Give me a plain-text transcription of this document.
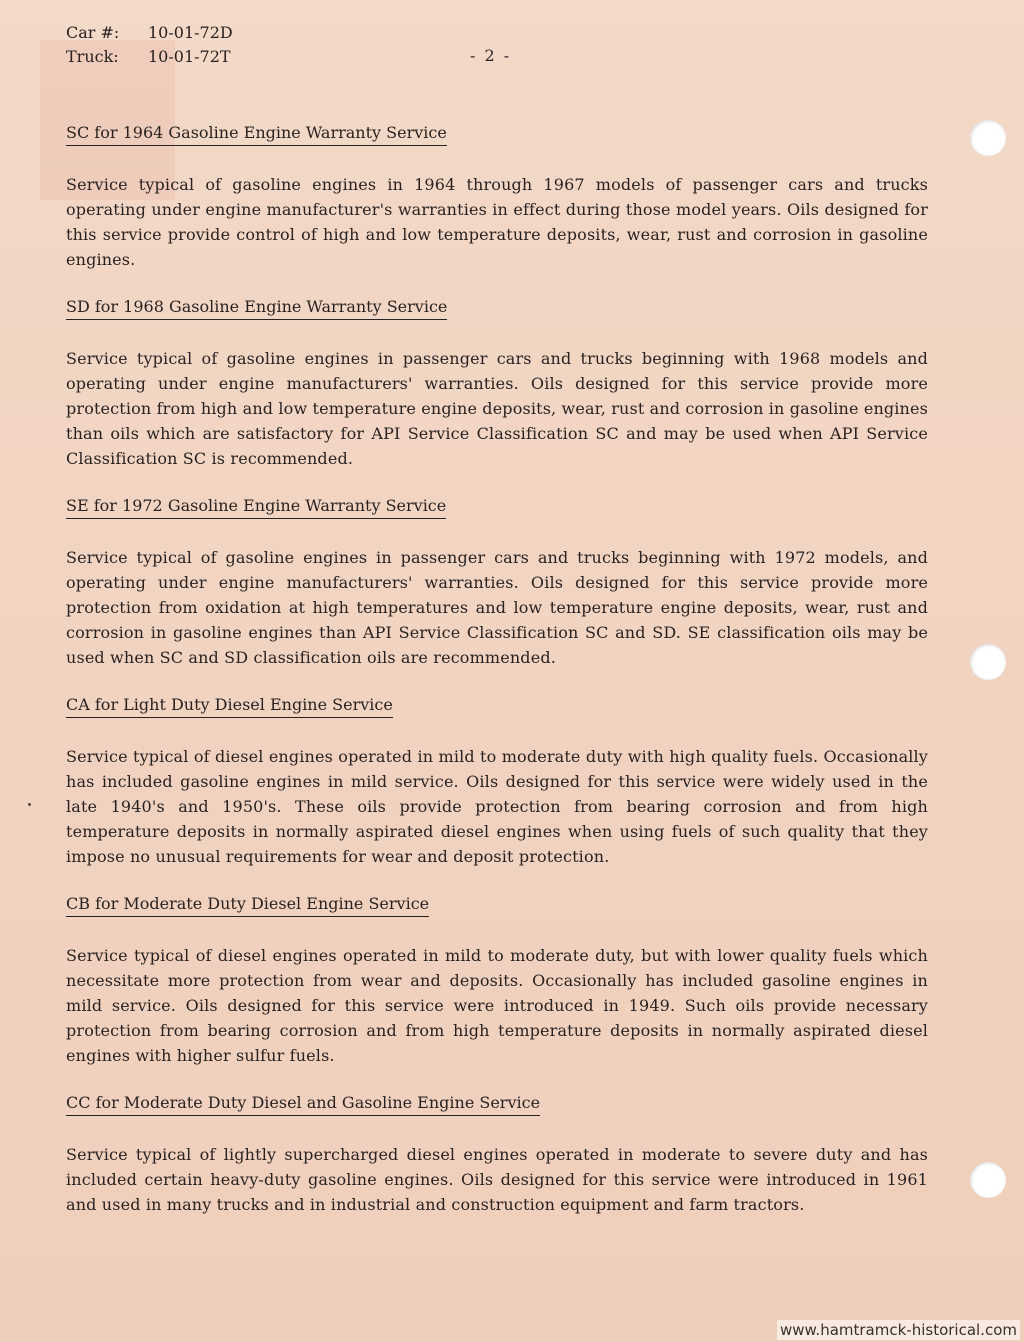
Car #:	10-01-72D
Truck:	10-01-72T	- 2 -
SC for 1964 Gasoline Engine Warranty Service

Service typical of gasoline engines in 1964 through 1967 models of passenger cars and trucks operating under engine manufacturer's warranties in effect during those model years. Oils designed for this service provide control of high and low temperature deposits, wear, rust and corrosion in gasoline engines.

SD for 1968 Gasoline Engine Warranty Service

Service typical of gasoline engines in passenger cars and trucks beginning with 1968 models and operating under engine manufacturers' warranties. Oils designed for this service provide more protection from high and low temperature engine deposits, wear, rust and corrosion in gasoline engines than oils which are satisfactory for API Service Classification SC and may be used when API Service Classification SC is recommended.

SE for 1972 Gasoline Engine Warranty Service

Service typical of gasoline engines in passenger cars and trucks beginning with 1972 models, and operating under engine manufacturers' warranties. Oils designed for this service provide more protection from oxidation at high temperatures and low temperature engine deposits, wear, rust and corrosion in gasoline engines than API Service Classification SC and SD. SE classification oils may be used when SC and SD classification oils are recommended.

CA for Light Duty Diesel Engine Service

Service typical of diesel engines operated in mild to moderate duty with high quality fuels. Occasionally has included gasoline engines in mild service. Oils designed for this service were widely used in the late 1940's and 1950's. These oils provide protection from bearing corrosion and from high temperature deposits in normally aspirated diesel engines when using fuels of such quality that they impose no unusual requirements for wear and deposit protection.

CB for Moderate Duty Diesel Engine Service

Service typical of diesel engines operated in mild to moderate duty, but with lower quality fuels which necessitate more protection from wear and deposits. Occasionally has included gasoline engines in mild service. Oils designed for this service were introduced in 1949. Such oils provide necessary protection from bearing corrosion and from high temperature deposits in normally aspirated diesel engines with higher sulfur fuels.

CC for Moderate Duty Diesel and Gasoline Engine Service

Service typical of lightly supercharged diesel engines operated in moderate to severe duty and has included certain heavy-duty gasoline engines. Oils designed for this service were introduced in 1961 and used in many trucks and in industrial and construction equipment and farm tractors.

www.hamtramck-historical.com
